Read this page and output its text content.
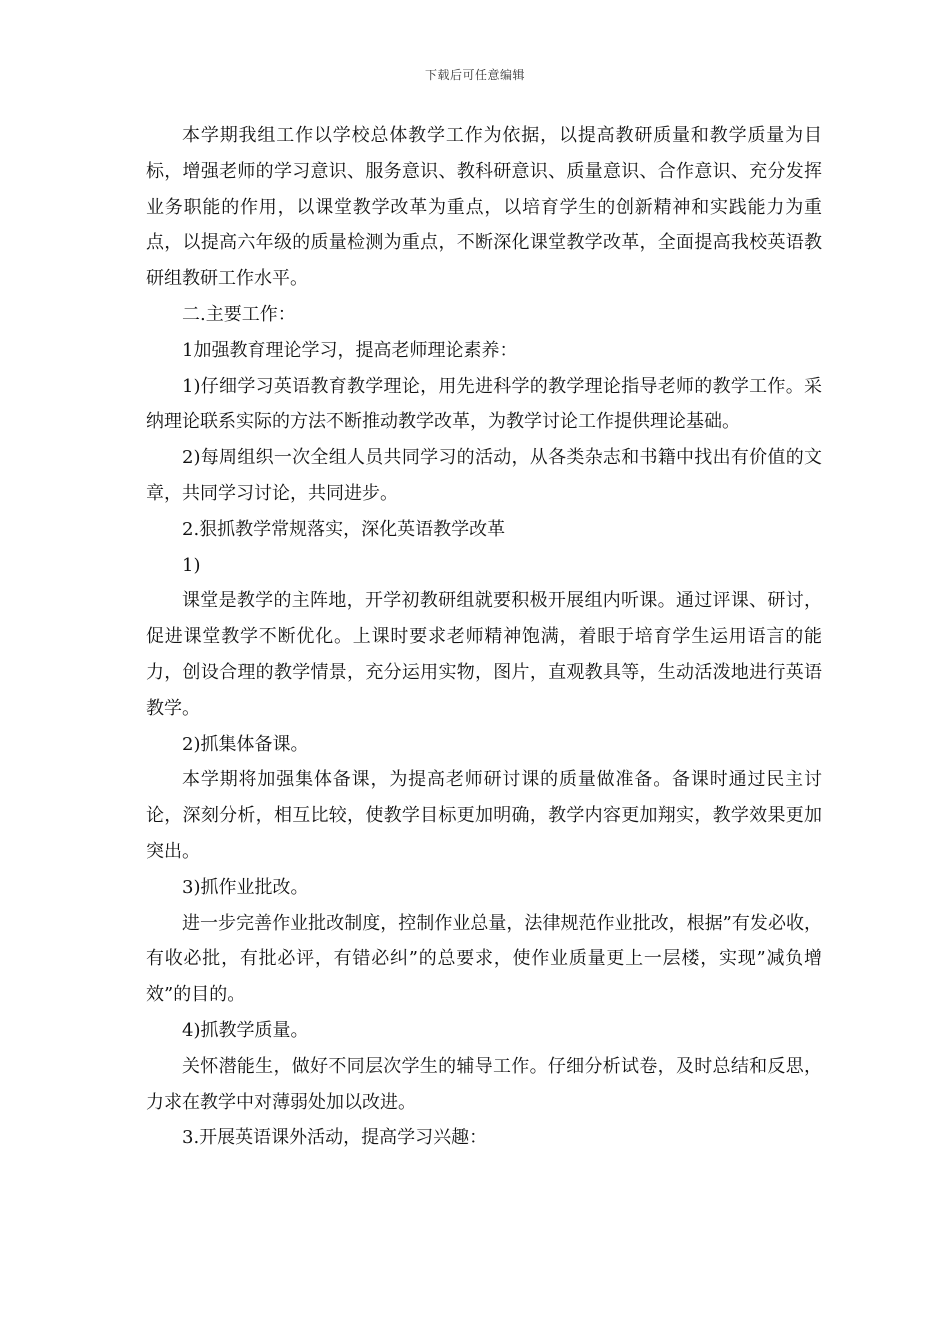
下载后可任意编辑

本学期我组工作以学校总体教学工作为依据，以提高教研质量和教学质量为目标，增强老师的学习意识、服务意识、教科研意识、质量意识、合作意识、充分发挥业务职能的作用，以课堂教学改革为重点，以培育学生的创新精神和实践能力为重点，以提高六年级的质量检测为重点，不断深化课堂教学改革，全面提高我校英语教研组教研工作水平。

二.主要工作：

1加强教育理论学习，提高老师理论素养：

1)仔细学习英语教育教学理论，用先进科学的教学理论指导老师的教学工作。采纳理论联系实际的方法不断推动教学改革，为教学讨论工作提供理论基础。

2)每周组织一次全组人员共同学习的活动，从各类杂志和书籍中找出有价值的文章，共同学习讨论，共同进步。

2.狠抓教学常规落实，深化英语教学改革

1)

课堂是教学的主阵地，开学初教研组就要积极开展组内听课。通过评课、研讨，促进课堂教学不断优化。上课时要求老师精神饱满，着眼于培育学生运用语言的能力，创设合理的教学情景，充分运用实物，图片，直观教具等，生动活泼地进行英语教学。

2)抓集体备课。

本学期将加强集体备课，为提高老师研讨课的质量做准备。备课时通过民主讨论，深刻分析，相互比较，使教学目标更加明确，教学内容更加翔实，教学效果更加突出。

3)抓作业批改。

进一步完善作业批改制度，控制作业总量，法律规范作业批改，根据”有发必收，有收必批，有批必评，有错必纠”的总要求，使作业质量更上一层楼，实现”减负增效”的目的。

4)抓教学质量。

关怀潜能生，做好不同层次学生的辅导工作。仔细分析试卷，及时总结和反思，力求在教学中对薄弱处加以改进。

3.开展英语课外活动，提高学习兴趣：
